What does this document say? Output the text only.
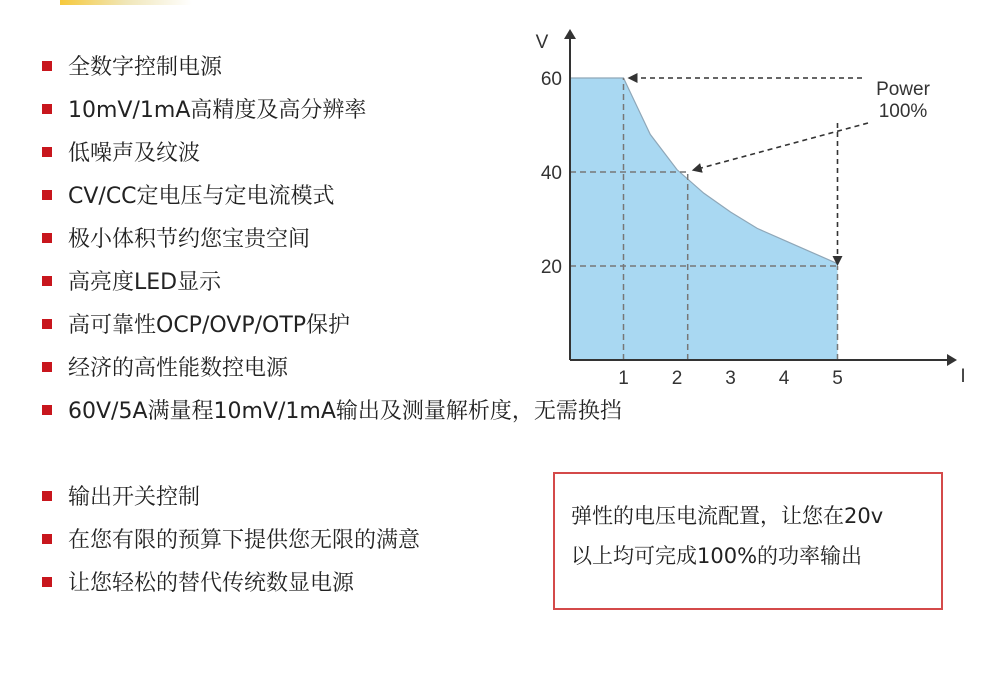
全数字控制电源
10mV/1mA高精度及高分辨率
低噪声及纹波
CV/CC定电压与定电流模式
极小体积节约您宝贵空间
高亮度LED显示
高可靠性OCP/OVP/OTP保护
经济的高性能数控电源
60V/5A满量程10mV/1mA输出及测量解析度，无需换挡
输出开关控制
在您有限的预算下提供您无限的满意
让您轻松的替代传统数显电源
1 2 3 4 5
20
40
60
V
I
Power
100%
弹性的电压电流配置，让您在20v
以上均可完成100%的功率输出
